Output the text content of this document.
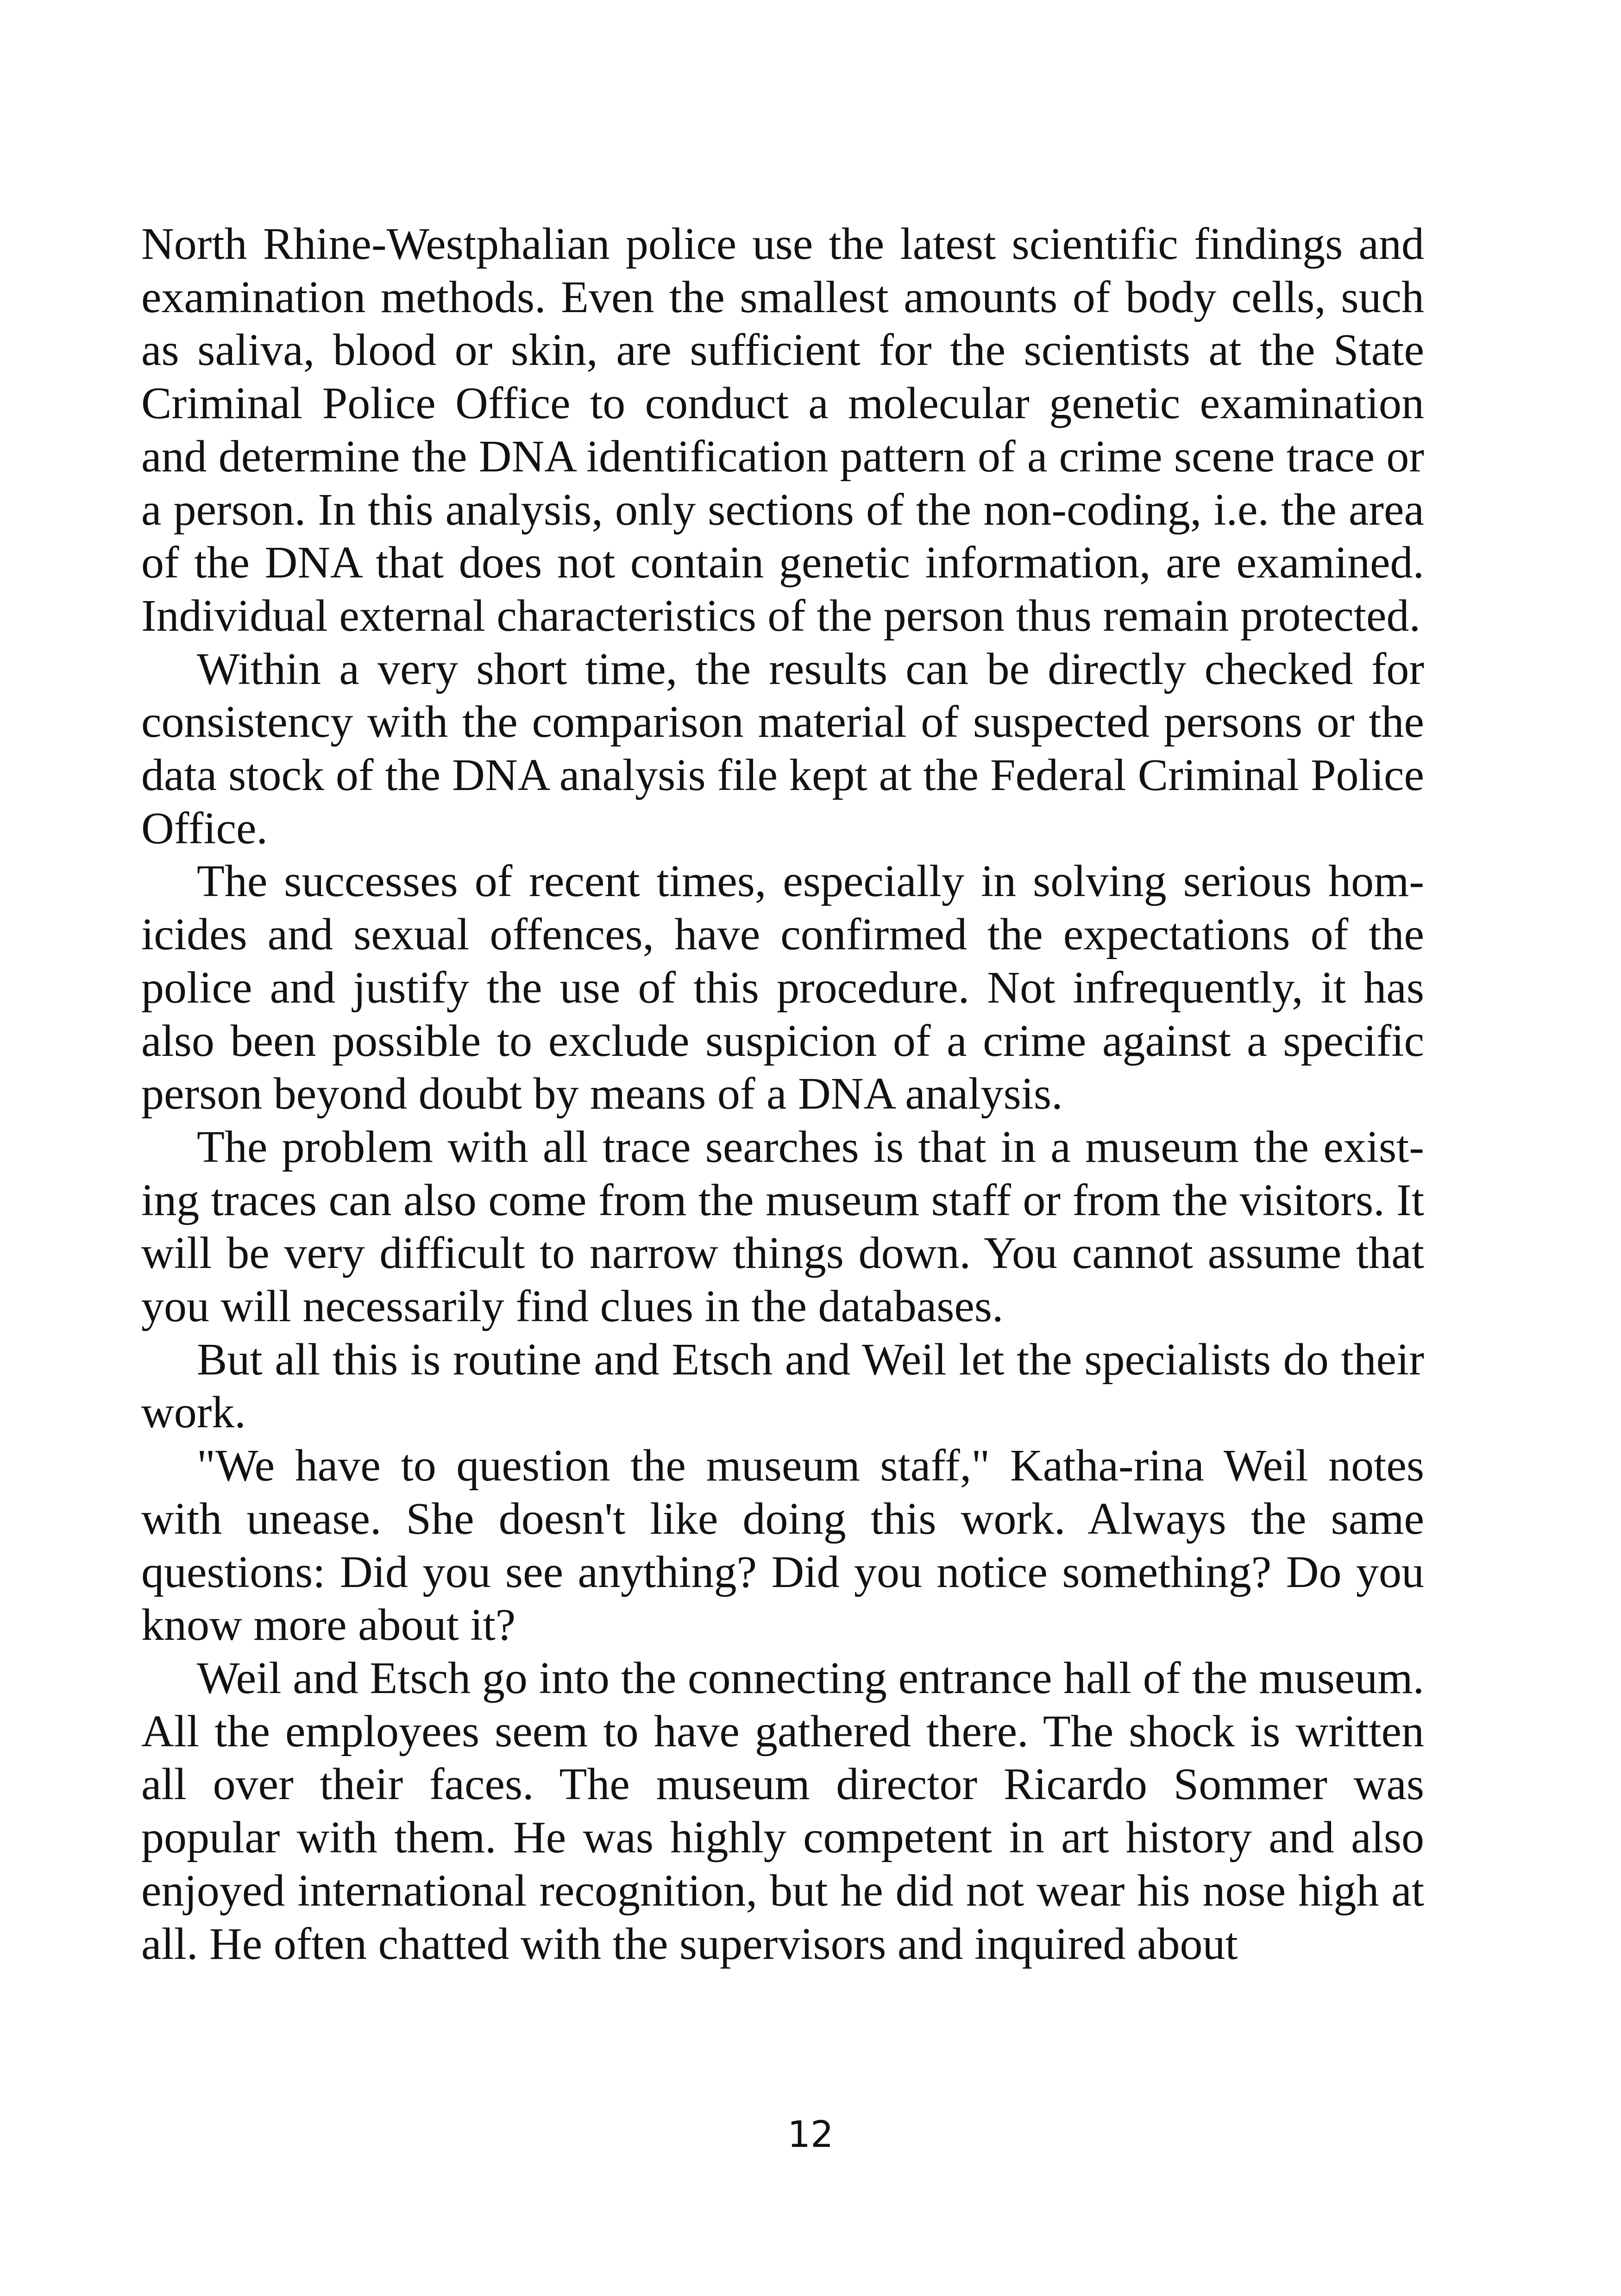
North Rhine-Westphalian police use the latest scientific findings and examination methods. Even the smallest amounts of body cells, such as saliva, blood or skin, are sufficient for the scientists at the State Criminal Police Office to conduct a molecular genetic examination and determine the DNA identification pattern of a crime scene trace or a person. In this analysis, only sections of the non-coding, i.e. the area of the DNA that does not contain genetic information, are examined. Individual external characteristics of the person thus remain protected.

Within a very short time, the results can be directly checked for consistency with the comparison material of suspected persons or the data stock of the DNA analysis file kept at the Federal Criminal Police Office.

The successes of recent times, especially in solving serious homicides and sexual offences, have confirmed the expectations of the police and justify the use of this procedure. Not infrequently, it has also been possible to exclude suspicion of a crime against a specific person beyond doubt by means of a DNA analysis.

The problem with all trace searches is that in a museum the existing traces can also come from the museum staff or from the visitors. It will be very difficult to narrow things down. You cannot assume that you will necessarily find clues in the databases.

But all this is routine and Etsch and Weil let the specialists do their work.

"We have to question the museum staff," Katha-rina Weil notes with unease. She doesn't like doing this work. Always the same questions: Did you see anything? Did you notice something? Do you know more about it?

Weil and Etsch go into the connecting entrance hall of the museum. All the employees seem to have gathered there. The shock is written all over their faces. The museum director Ricardo Sommer was popular with them. He was highly competent in art history and also enjoyed international recognition, but he did not wear his nose high at all. He often chatted with the supervisors and inquired about

12
